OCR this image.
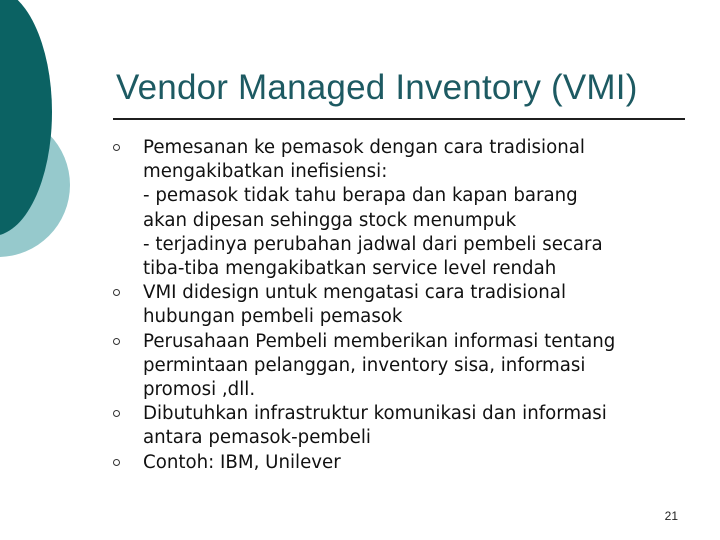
Vendor Managed Inventory (VMI)
Pemesanan ke pemasok dengan cara tradisional
mengakibatkan inefisiensi:
- pemasok tidak tahu berapa dan kapan barang
akan dipesan sehingga stock menumpuk
- terjadinya perubahan jadwal dari pembeli secara
tiba-tiba mengakibatkan service level rendah
VMI didesign untuk mengatasi cara tradisional
hubungan pembeli pemasok
Perusahaan Pembeli memberikan informasi tentang
permintaan pelanggan, inventory sisa, informasi
promosi ,dll.
Dibutuhkan infrastruktur komunikasi dan informasi
antara pemasok-pembeli
Contoh: IBM, Unilever
21
